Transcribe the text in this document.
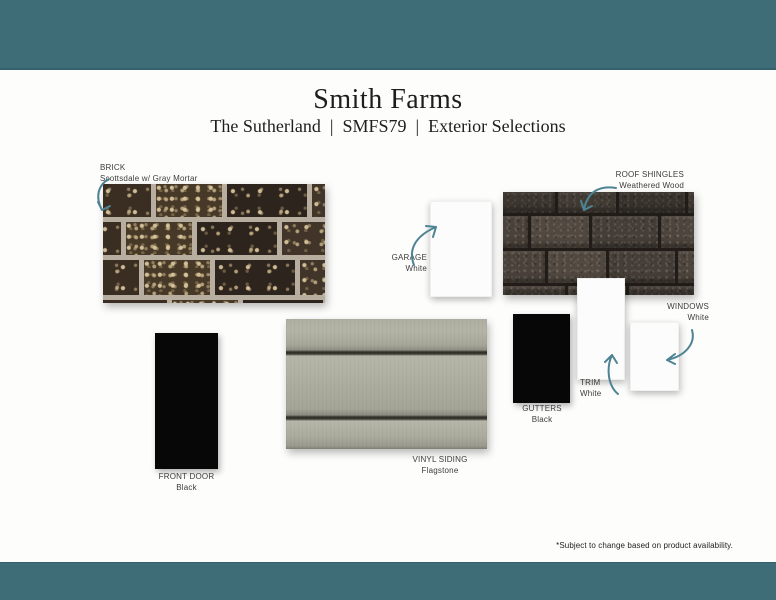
Smith Farms
The Sutherland  |  SMFS79  |  Exterior Selections
BRICK
Scottsdale w/ Gray Mortar
GARAGE
White
ROOF SHINGLES
Weathered Wood
TRIM
White
WINDOWS
White
GUTTERS
Black
FRONT DOOR
Black
VINYL SIDING
Flagstone
*Subject to change based on product availability.
